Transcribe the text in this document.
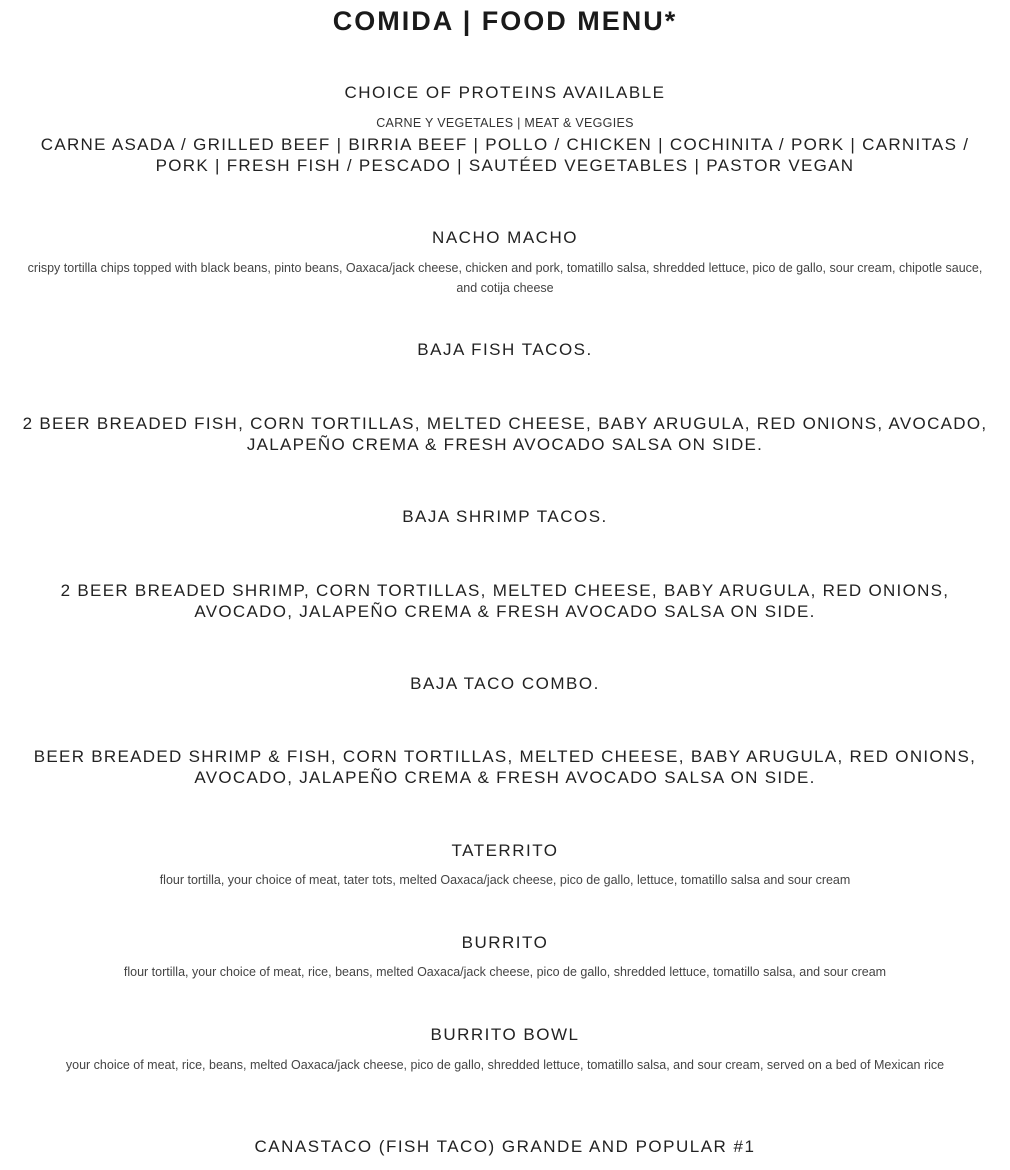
COMIDA | FOOD MENU*
CHOICE OF PROTEINS AVAILABLE

CARNE Y VEGETALES | MEAT & VEGGIES

CARNE ASADA / GRILLED BEEF | BIRRIA BEEF | POLLO / CHICKEN | COCHINITA / PORK | CARNITAS / PORK | FRESH FISH / PESCADO | SAUTÉED VEGETABLES | PASTOR VEGAN

NACHO MACHO

crispy tortilla chips topped with black beans, pinto beans, Oaxaca/jack cheese, chicken and pork, tomatillo salsa, shredded lettuce, pico de gallo, sour cream, chipotle sauce, and cotija cheese

BAJA FISH TACOS.

2 BEER BREADED FISH, CORN TORTILLAS, MELTED CHEESE, BABY ARUGULA, RED ONIONS, AVOCADO, JALAPEÑO CREMA & FRESH AVOCADO SALSA ON SIDE.

BAJA SHRIMP TACOS.

2 BEER BREADED SHRIMP, CORN TORTILLAS, MELTED CHEESE, BABY ARUGULA, RED ONIONS, AVOCADO, JALAPEÑO CREMA & FRESH AVOCADO SALSA ON SIDE.

BAJA TACO COMBO.

BEER BREADED SHRIMP & FISH, CORN TORTILLAS, MELTED CHEESE, BABY ARUGULA, RED ONIONS, AVOCADO, JALAPEÑO CREMA & FRESH AVOCADO SALSA ON SIDE.

TATERRITO

flour tortilla, your choice of meat, tater tots, melted Oaxaca/jack cheese, pico de gallo, lettuce, tomatillo salsa and sour cream

BURRITO

flour tortilla, your choice of meat, rice, beans, melted Oaxaca/jack cheese, pico de gallo, shredded lettuce, tomatillo salsa, and sour cream

BURRITO BOWL

your choice of meat, rice, beans, melted Oaxaca/jack cheese, pico de gallo, shredded lettuce, tomatillo salsa, and sour cream, served on a bed of Mexican rice

CANASTACO (FISH TACO) GRANDE AND POPULAR #1
